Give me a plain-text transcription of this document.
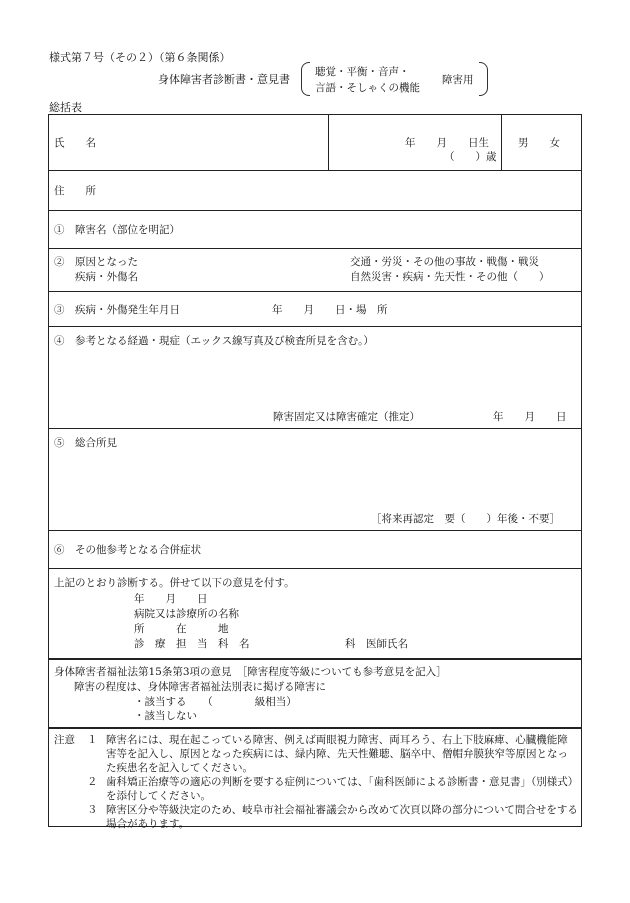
様式第７号（その２）（第６条関係）
身体障害者診断書・意見書
聴覚・平衡・音声・
言語・そしゃくの機能
障害用
総括表
氏　　名	年　　月　　日生
（　　）歳
男　　女
住　　所
①　障害名（部位を明記）
②　原因となった
疾病・外傷名
交通・労災・その他の事故・戦傷・戦災
自然災害・疾病・先天性・その他（　　）
③　疾病・外傷発生年月日	年　　月　　日・場　所
④　参考となる経過・現症（エックス線写真及び検査所見を含む。）
障害固定又は障害確定（推定）	年　　月　　日
⑤　総合所見
［将来再認定　要（　　）年後・不要］
⑥　その他参考となる合併症状
上記のとおり診断する。併せて以下の意見を付す。
年　　月　　日
病院又は診療所の名称
所　　　在　　　地
診　療　担　当　科　名	科　医師氏名
身体障害者福祉法第15条第3項の意見　［障害程度等級についても参考意見を記入］
障害の程度は、身体障害者福祉法別表に掲げる障害に
・該当する　　（　　　　級相当）
・該当しない
注意 １ 障害名には、現在起こっている障害、例えば両眼視力障害、両耳ろう、右上下肢麻痺、心臓機能障害等を記入し、原因となった疾病には、緑内障、先天性難聴、脳卒中、僧帽弁膜狭窄等原因となった疾患名を記入してください。
２ 歯科矯正治療等の適応の判断を要する症例については、「歯科医師による診断書・意見書」（別様式）を添付してください。
３ 障害区分や等級決定のため、岐阜市社会福祉審議会から改めて次頁以降の部分について問合せをする場合があります。
